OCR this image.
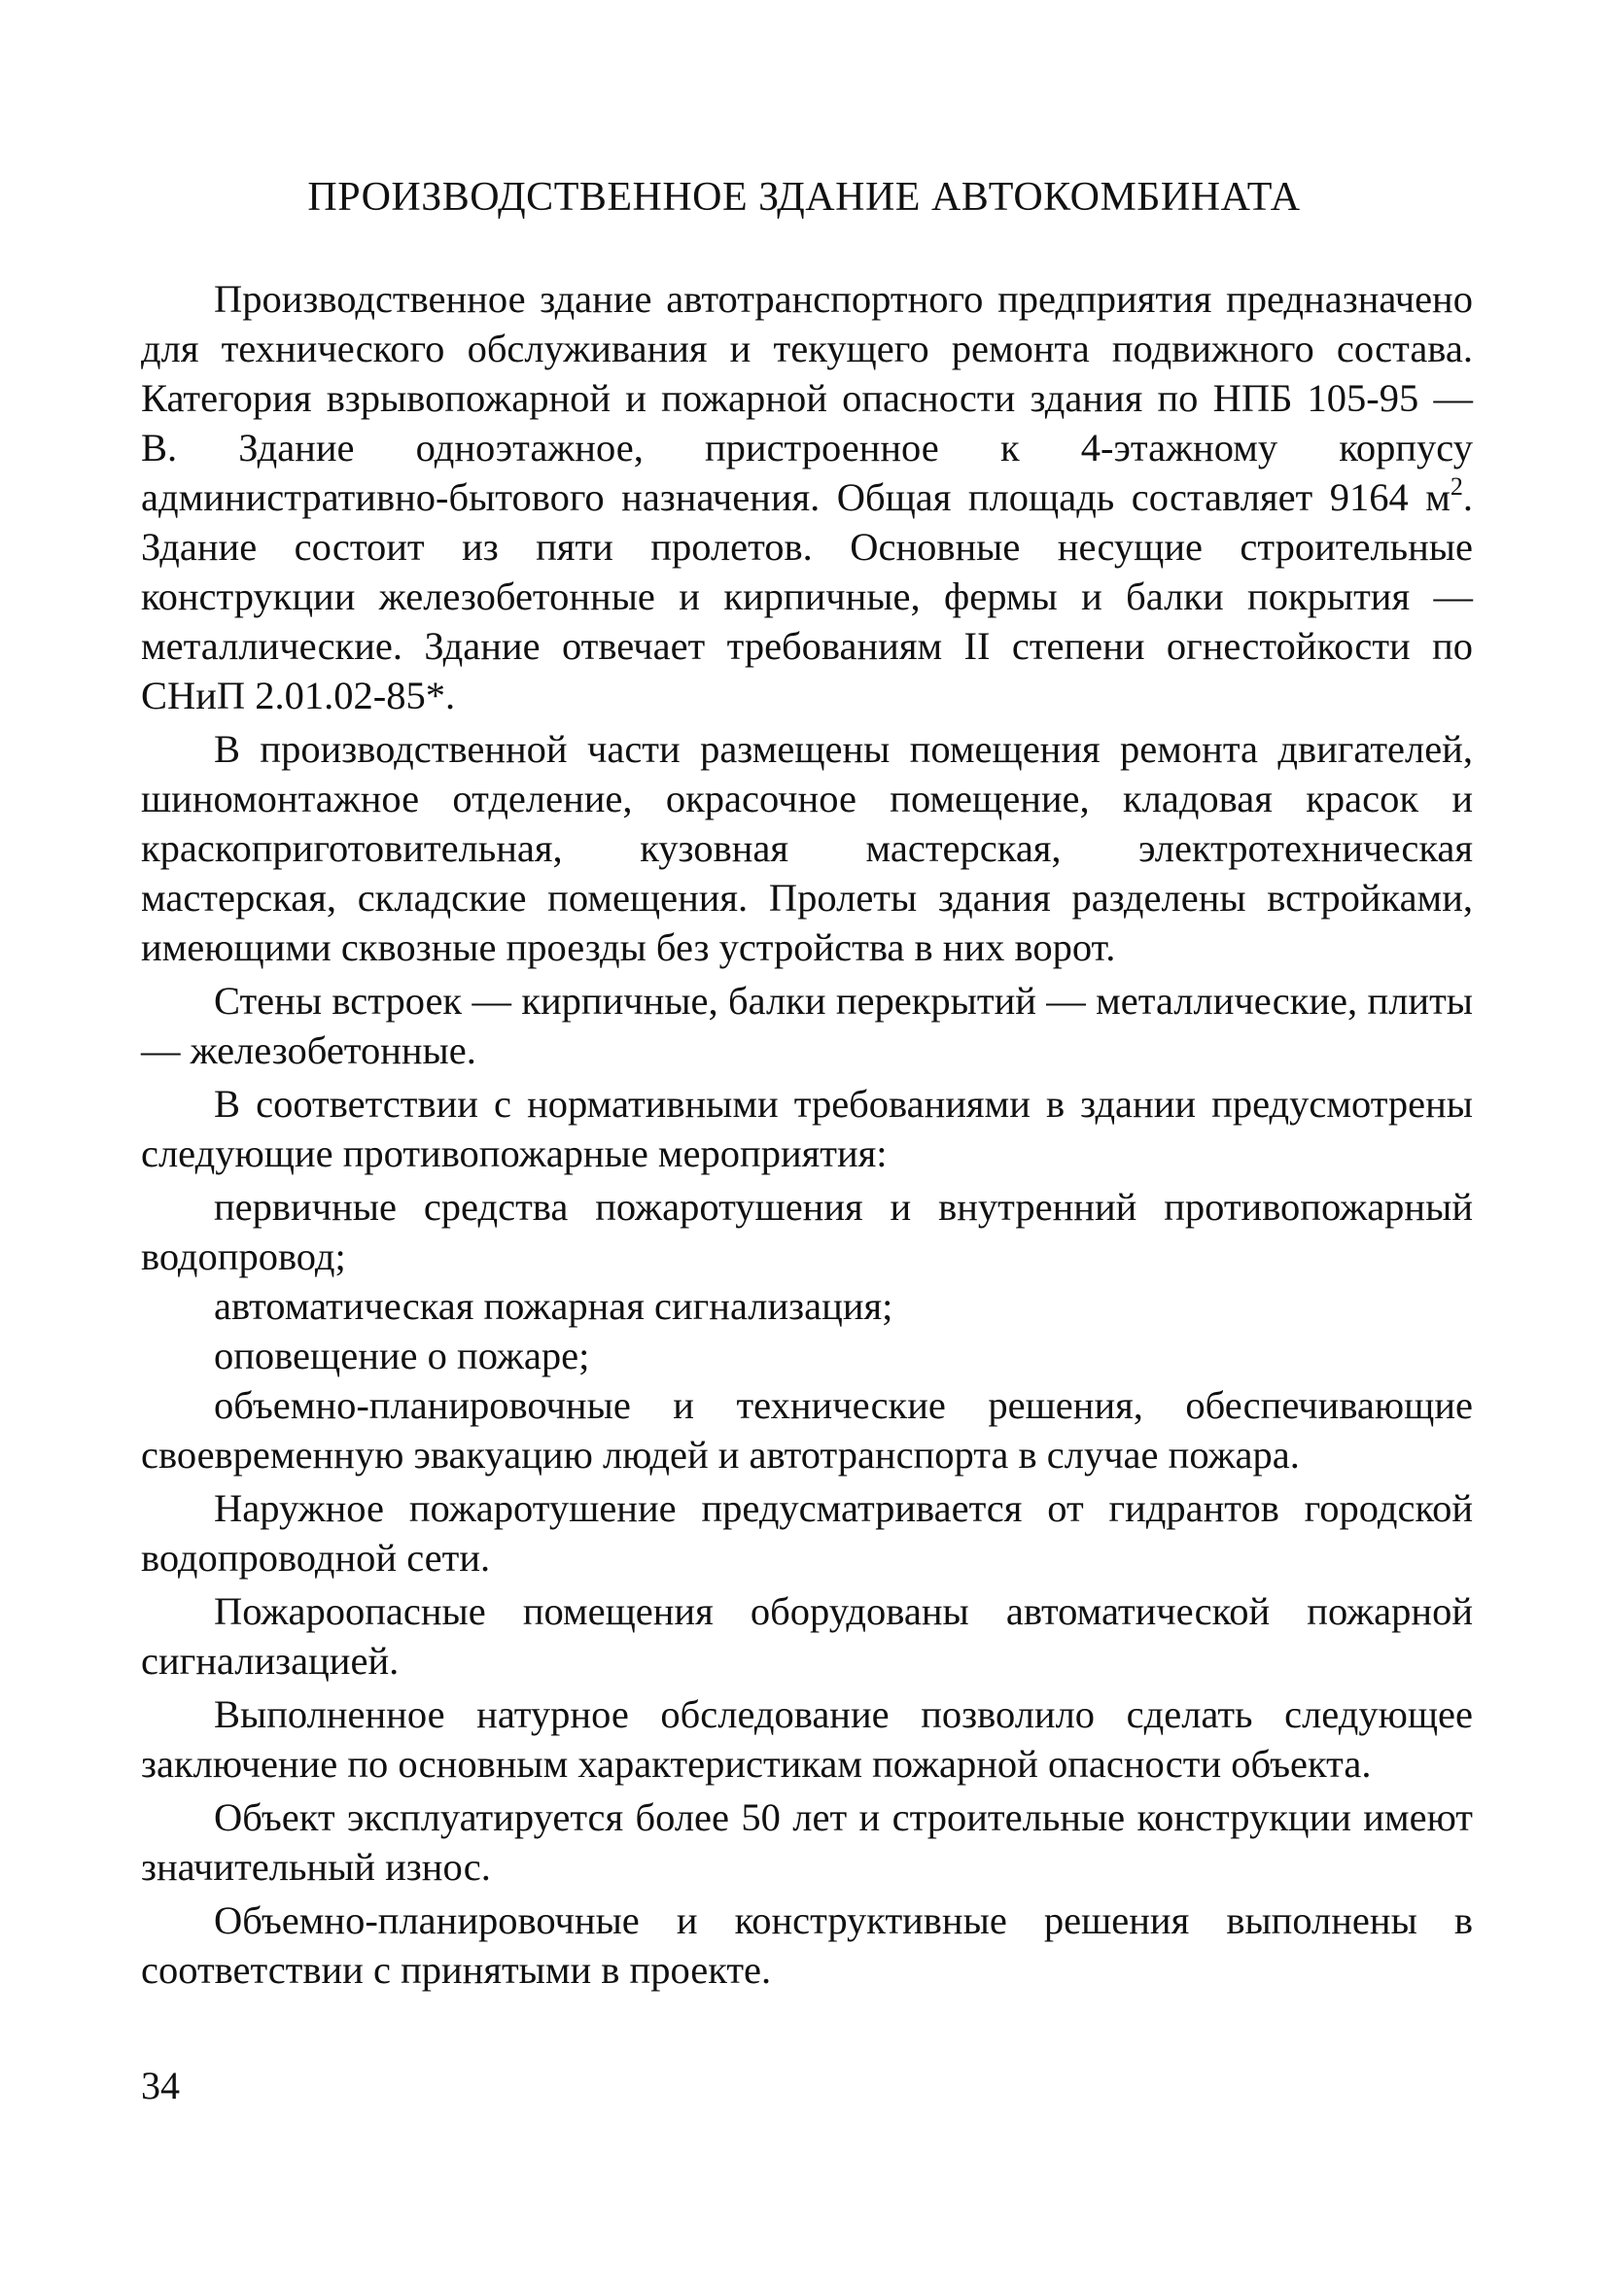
ПРОИЗВОДСТВЕННОЕ ЗДАНИЕ АВТОКОМБИНАТА

Производственное здание автотранспортного предприятия предназначено для технического обслуживания и текущего ремонта подвижного состава. Категория взрывопожарной и пожарной опасности здания по НПБ 105-95 — В. Здание одноэтажное, пристроенное к 4-этажному корпусу административно-бытового назначения. Общая площадь составляет 9164 $м^2$. Здание состоит из пяти пролетов. Основные несущие строительные конструкции железобетонные и кирпичные, фермы и балки покрытия — металлические. Здание отвечает требованиям II степени огнестойкости по СНиП 2.01.02-85*.

В производственной части размещены помещения ремонта двигателей, шиномонтажное отделение, окрасочное помещение, кладовая красок и краскоприготовительная, кузовная мастерская, электротехническая мастерская, складские помещения. Пролеты здания разделены встройками, имеющими сквозные проезды без устройства в них ворот.

Стены встроек — кирпичные, балки перекрытий — металлические, плиты — железобетонные.

В соответствии с нормативными требованиями в здании предусмотрены следующие противопожарные мероприятия:

первичные средства пожаротушения и внутренний противопожарный водопровод;

автоматическая пожарная сигнализация;

оповещение о пожаре;

объемно-планировочные и технические решения, обеспечивающие своевременную эвакуацию людей и автотранспорта в случае пожара.

Наружное пожаротушение предусматривается от гидрантов городской водопроводной сети.

Пожароопасные помещения оборудованы автоматической пожарной сигнализацией.

Выполненное натурное обследование позволило сделать следующее заключение по основным характеристикам пожарной опасности объекта.

Объект эксплуатируется более 50 лет и строительные конструкции имеют значительный износ.

Объемно-планировочные и конструктивные решения выполнены в соответствии с принятыми в проекте.

34
